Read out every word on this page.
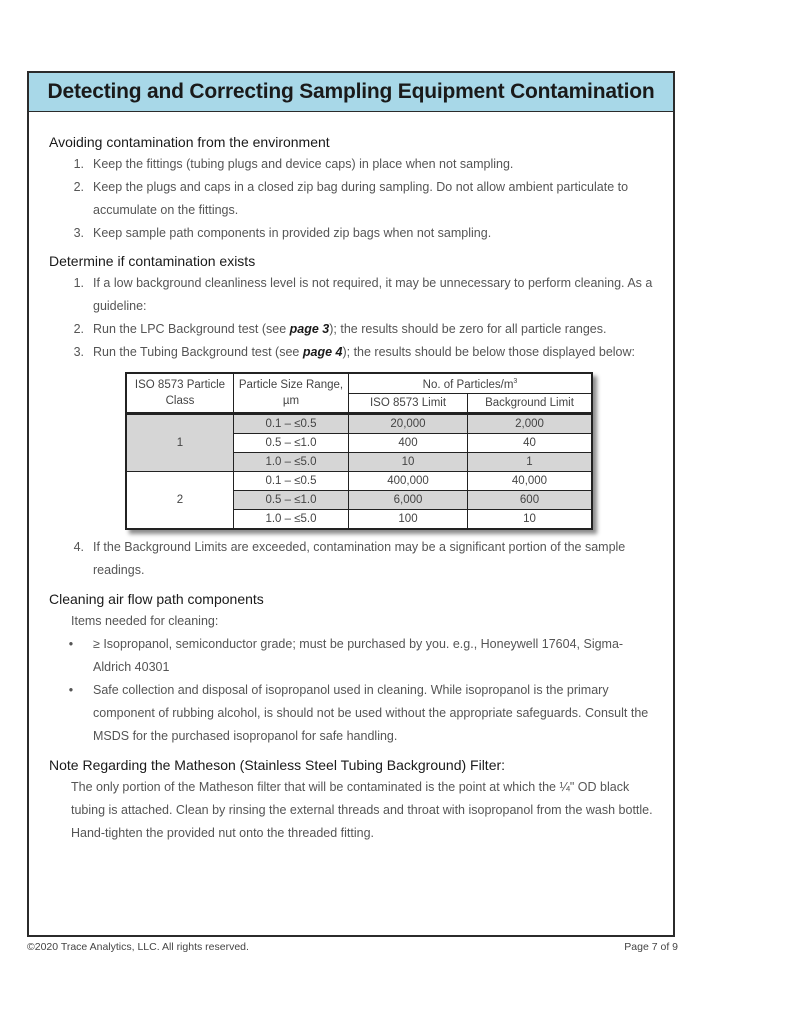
Detecting and Correcting Sampling Equipment Contamination

Avoiding contamination from the environment

1. Keep the fittings (tubing plugs and device caps) in place when not sampling.
2. Keep the plugs and caps in a closed zip bag during sampling. Do not allow ambient particulate to accumulate on the fittings.
3. Keep sample path components in provided zip bags when not sampling.

Determine if contamination exists

1. If a low background cleanliness level is not required, it may be unnecessary to perform cleaning. As a guideline:
2. Run the LPC Background test (see page 3); the results should be zero for all particle ranges.
3. Run the Tubing Background test (see page 4); the results should be below those displayed below:
ISO 8573 Particle Class	Particle Size Range, µm	No. of Particles/$m^3$
		ISO 8573 Limit	Background Limit
1	0.1 – ≤0.5	20,000	2,000
	0.5 – ≤1.0	400	40
	1.0 – ≤5.0	10	1
2	0.1 – ≤0.5	400,000	40,000
	0.5 – ≤1.0	6,000	600
	1.0 – ≤5.0	100	10
4. If the Background Limits are exceeded, contamination may be a significant portion of the sample readings.

Cleaning air flow path components

Items needed for cleaning:
•	≥ Isopropanol, semiconductor grade; must be purchased by you. e.g., Honeywell 17604, Sigma-Aldrich 40301
•	Safe collection and disposal of isopropanol used in cleaning. While isopropanol is the primary component of rubbing alcohol, is should not be used without the appropriate safeguards. Consult the MSDS for the purchased isopropanol for safe handling.

Note Regarding the Matheson (Stainless Steel Tubing Background) Filter:

The only portion of the Matheson filter that will be contaminated is the point at which the ¼" OD black tubing is attached. Clean by rinsing the external threads and throat with isopropanol from the wash bottle.
Hand-tighten the provided nut onto the threaded fitting.
©2020 Trace Analytics, LLC. All rights reserved.	Page 7 of 9
